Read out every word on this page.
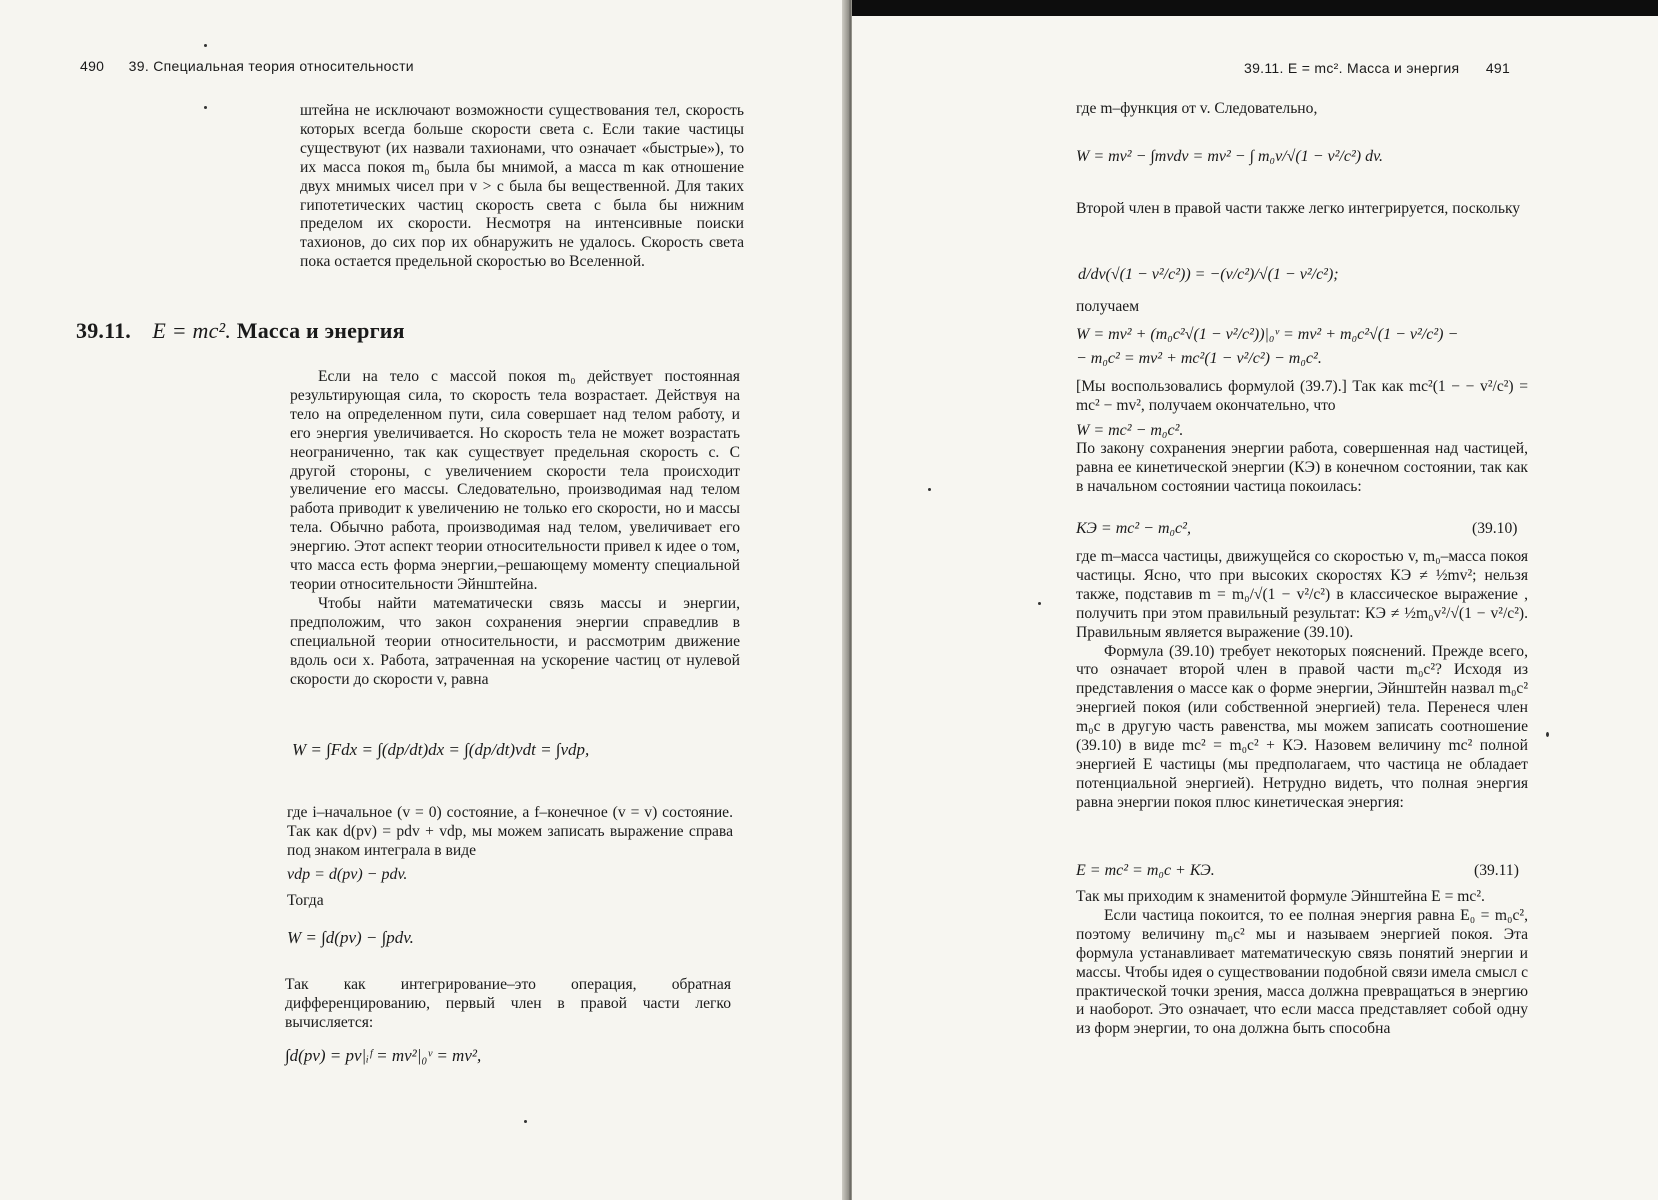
490 39. Специальная теория относительности

штейна не исключают возможности существования тел, скорость которых всегда больше скорости света c. Если такие частицы существуют (их назвали тахионами, что означает «быстрые»), то их масса покоя m₀ была бы мнимой, а масса m как отношение двух мнимых чисел при v > c была бы вещественной. Для таких гипотетических частиц скорость света c была бы нижним пределом их скорости. Несмотря на интенсивные поиски тахионов, до сих пор их обнаружить не удалось. Скорость света пока остается предельной скоростью во Вселенной.

39.11. E = mc². Масса и энергия

Если на тело с массой покоя m₀ действует постоянная результирующая сила, то скорость тела возрастает. Действуя на тело на определенном пути, сила совершает над телом работу, и его энергия увеличивается. Но скорость тела не может возрастать неограниченно, так как существует предельная скорость c. С другой стороны, с увеличением скорости тела происходит увеличение его массы. Следовательно, производимая над телом работа приводит к увеличению не только его скорости, но и массы тела. Обычно работа, производимая над телом, увеличивает его энергию. Этот аспект теории относительности привел к идее о том, что масса есть форма энергии,–решающему моменту специальной теории относительности Эйнштейна.

Чтобы найти математически связь массы и энергии, предположим, что закон сохранения энергии справедлив в специальной теории относительности, и рассмотрим движение вдоль оси x. Работа, затраченная на ускорение частиц от нулевой скорости до скорости v, равна

W = ∫Fdx = ∫(dp/dt)dx = ∫(dp/dt)vdt = ∫vdp,

где i–начальное (v = 0) состояние, а f–конечное (v = v) состояние. Так как d(pv) = pdv + vdp, мы можем записать выражение справа под знаком интеграла в виде

vdp = d(pv) − pdv.
Тогда
W = ∫d(pv) − ∫pdv.

Так как интегрирование–это операция, обратная дифференцированию, первый член в правой части легко вычисляется:

∫d(pv) = pv|ᵢᶠ = mv²|₀ᵛ = mv²,
39.11. E = mc². Масса и энергия 491
где m–функция от v. Следовательно,
W = mv² − ∫mvdv = mv² − ∫ m₀v/√(1 − v²/c²) dv.

Второй член в правой части также легко интегрируется, поскольку

d/dv(√(1 − v²/c²)) = −(v/c²)/√(1 − v²/c²);
получаем
W = mv² + (m₀c²√(1 − v²/c²))|₀ᵛ = mv² + m₀c²√(1 − v²/c²) −
− m₀c² = mv² + mc²(1 − v²/c²) − m₀c².

[Мы воспользовались формулой (39.7).] Так как mc²(1 − − v²/c²) = mc² − mv², получаем окончательно, что

W = mc² − m₀c².

По закону сохранения энергии работа, совершенная над частицей, равна ее кинетической энергии (КЭ) в конечном состоянии, так как в начальном состоянии частица покоилась:

КЭ = mc² − m₀c²,	(39.10)

где m–масса частицы, движущейся со скоростью v, m₀–масса покоя частицы. Ясно, что при высоких скоростях КЭ ≠ ½mv²; нельзя также, подставив m = m₀/√(1 − v²/c²) в классическое выражение , получить при этом правильный результат: КЭ ≠ ½m₀v²/√(1 − v²/c²). Правильным является выражение (39.10).

Формула (39.10) требует некоторых пояснений. Прежде всего, что означает второй член в правой части m₀c²? Исходя из представления о массе как о форме энергии, Эйнштейн назвал m₀c² энергией покоя (или собственной энергией) тела. Перенеся член m₀c в другую часть равенства, мы можем записать соотношение (39.10) в виде mc² = m₀c² + КЭ. Назовем величину mc² полной энергией E частицы (мы предполагаем, что частица не обладает потенциальной энергией). Нетрудно видеть, что полная энергия равна энергии покоя плюс кинетическая энергия:

E = mc² = m₀c + КЭ.	(39.11)

Так мы приходим к знаменитой формуле Эйнштейна E = mc².

Если частица покоится, то ее полная энергия равна E₀ = m₀c², поэтому величину m₀c² мы и называем энергией покоя. Эта формула устанавливает математическую связь понятий энергии и массы. Чтобы идея о существовании подобной связи имела смысл с практической точки зрения, масса должна превращаться в энергию и наоборот. Это означает, что если масса представляет собой одну из форм энергии, то она должна быть способна
